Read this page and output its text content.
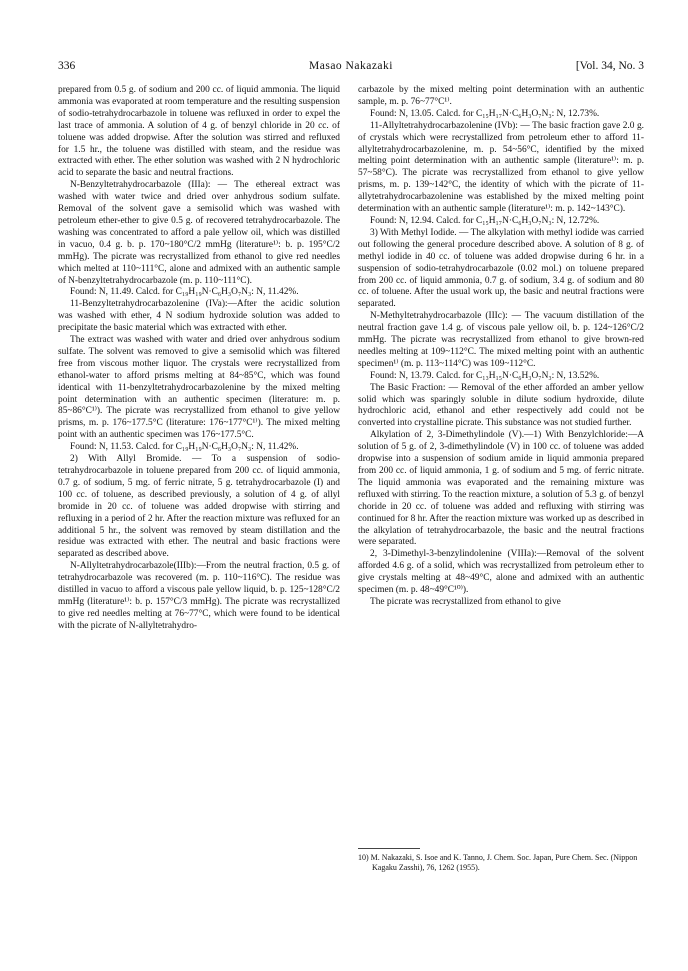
336	Masao Nakazaki	[Vol. 34, No. 3

prepared from 0.5 g. of sodium and 200 cc. of liquid ammonia. The liquid ammonia was evaporated at room temperature and the resulting suspension of sodio-tetrahydrocarbazole in toluene was refluxed in order to expel the last trace of ammonia. A solution of 4 g. of benzyl chloride in 20 cc. of toluene was added dropwise. After the solution was stirred and refluxed for 1.5 hr., the toluene was distilled with steam, and the residue was extracted with ether. The ether solution was washed with 2 N hydrochloric acid to separate the basic and neutral fractions.

N-Benzyltetrahydrocarbazole (IIIa): — The ethereal extract was washed with water twice and dried over anhydrous sodium sulfate. Removal of the solvent gave a semisolid which was washed with petroleum ether-ether to give 0.5 g. of recovered tetrahydrocarbazole. The washing was concentrated to afford a pale yellow oil, which was distilled in vacuo, 0.4 g. b. p. 170~180°C/2 mmHg (literature¹⁾: b. p. 195°C/2 mmHg). The picrate was recrystallized from ethanol to give red needles which melted at 110~111°C, alone and admixed with an authentic sample of N-benzyltetrahydrocarbazole (m. p. 110~111°C).

Found: N, 11.49. Calcd. for C₁₉H₁₉N·C₆H₃O₇N₃: N, 11.42%.

11-Benzyltetrahydrocarbazolenine (IVa):—After the acidic solution was washed with ether, 4 N sodium hydroxide solution was added to precipitate the basic material which was extracted with ether.

The extract was washed with water and dried over anhydrous sodium sulfate. The solvent was removed to give a semisolid which was filtered free from viscous mother liquor. The crystals were recrystallized from ethanol-water to afford prisms melting at 84~85°C, which was found identical with 11-benzyltetrahydrocarbazolenine by the mixed melting point determination with an authentic specimen (literature: m. p. 85~86°C¹⁾). The picrate was recrystallized from ethanol to give yellow prisms, m. p. 176~177.5°C (literature: 176~177°C¹⁾). The mixed melting point with an authentic specimen was 176~177.5°C.

Found: N, 11.53. Calcd. for C₁₉H₁₉N·C₆H₃O₇N₃: N, 11.42%.

2) With Allyl Bromide. — To a suspension of sodio-tetrahydrocarbazole in toluene prepared from 200 cc. of liquid ammonia, 0.7 g. of sodium, 5 mg. of ferric nitrate, 5 g. tetrahydrocarbazole (I) and 100 cc. of toluene, as described previously, a solution of 4 g. of allyl bromide in 20 cc. of toluene was added dropwise with stirring and refluxing in a period of 2 hr. After the reaction mixture was refluxed for an additional 5 hr., the solvent was removed by steam distillation and the residue was extracted with ether. The neutral and basic fractions were separated as described above.

N-Allyltetrahydrocarbazole(IIIb):—From the neutral fraction, 0.5 g. of tetrahydrocarbazole was recovered (m. p. 110~116°C). The residue was distilled in vacuo to afford a viscous pale yellow liquid, b. p. 125~128°C/2 mmHg (literature¹⁾: b. p. 157°C/3 mmHg). The picrate was recrystallized to give red needles melting at 76~77°C, which were found to be identical with the picrate of N-allyltetrahydro-

carbazole by the mixed melting point determination with an authentic sample, m. p. 76~77°C¹⁾.

Found: N, 13.05. Calcd. for C₁₅H₁₇N·C₆H₃O₇N₃: N, 12.73%.

11-Allyltetrahydrocarbazolenine (IVb): — The basic fraction gave 2.0 g. of crystals which were recrystallized from petroleum ether to afford 11-allyltetrahydrocarbazolenine, m. p. 54~56°C, identified by the mixed melting point determination with an authentic sample (literature¹⁾: m. p. 57~58°C). The picrate was recrystallized from ethanol to give yellow prisms, m. p. 139~142°C, the identity of which with the picrate of 11-allytetrahydrocarbazolenine was established by the mixed melting point determination with an authentic sample (literature¹⁾: m. p. 142~143°C).

Found: N, 12.94. Calcd. for C₁₅H₁₇N·C₆H₃O₇N₃: N, 12.72%.

3) With Methyl Iodide. — The alkylation with methyl iodide was carried out following the general procedure described above. A solution of 8 g. of methyl iodide in 40 cc. of toluene was added dropwise during 6 hr. in a suspension of sodio-tetrahydrocarbazole (0.02 mol.) on toluene prepared from 200 cc. of liquid ammonia, 0.7 g. of sodium, 3.4 g. of sodium and 80 cc. of toluene. After the usual work up, the basic and neutral fractions were separated.

N-Methyltetrahydrocarbazole (IIIc): — The vacuum distillation of the neutral fraction gave 1.4 g. of viscous pale yellow oil, b. p. 124~126°C/2 mmHg. The picrate was recrystallized from ethanol to give brown-red needles melting at 109~112°C. The mixed melting point with an authentic specimen¹⁾ (m. p. 113~114°C) was 109~112°C.

Found: N, 13.79. Calcd. for C₁₃H₁₅N·C₆H₃O₇N₃: N, 13.52%.

The Basic Fraction: — Removal of the ether afforded an amber yellow solid which was sparingly soluble in dilute sodium hydroxide, dilute hydrochloric acid, ethanol and ether respectively add could not be converted into crystalline picrate. This substance was not studied further.

Alkylation of 2, 3-Dimethylindole (V).—1) With Benzylchloride:—A solution of 5 g. of 2, 3-dimethylindole (V) in 100 cc. of toluene was added dropwise into a suspension of sodium amide in liquid ammonia prepared from 200 cc. of liquid ammonia, 1 g. of sodium and 5 mg. of ferric nitrate. The liquid ammonia was evaporated and the remaining mixture was refluxed with stirring. To the reaction mixture, a solution of 5.3 g. of benzyl choride in 20 cc. of toluene was added and refluxing with stirring was continued for 8 hr. After the reaction mixture was worked up as described in the alkylation of tetrahydrocarbazole, the basic and the neutral fractions were separated.

2, 3-Dimethyl-3-benzylindolenine (VIIIa):—Removal of the solvent afforded 4.6 g. of a solid, which was recrystallized from petroleum ether to give crystals melting at 48~49°C, alone and admixed with an authentic specimen (m. p. 48~49°C¹⁰⁾).

The picrate was recrystallized from ethanol to give

10) M. Nakazaki, S. Isoe and K. Tanno, J. Chem. Soc. Japan, Pure Chem. Sec. (Nippon Kagaku Zasshi), 76, 1262 (1955).
